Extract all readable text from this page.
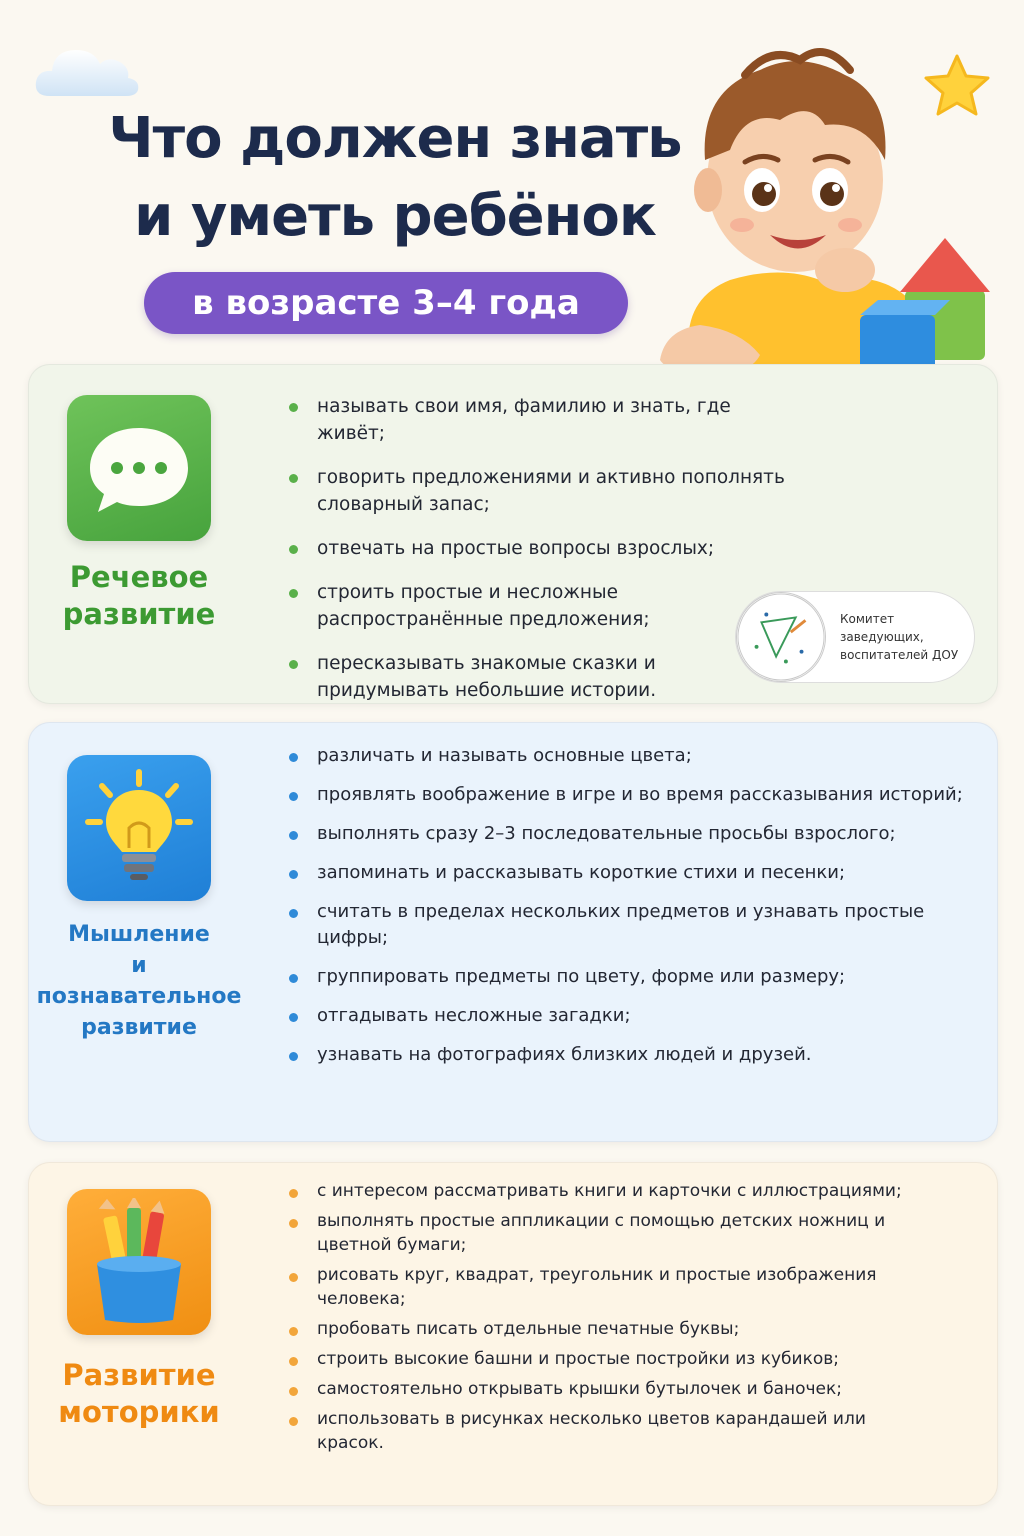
Что должен знать
и уметь ребёнок
в возрасте 3–4 года
Речевое
развитие
называть свои имя, фамилию и знать, где живёт;
говорить предложениями и активно пополнять словарный запас;
отвечать на простые вопросы взрослых;
строить простые и несложные распространённые предложения;
пересказывать знакомые сказки и придумывать небольшие истории.
Комитет
заведующих,
воспитателей ДОУ
Мышление
и познавательное
развитие
различать и называть основные цвета;
проявлять воображение в игре и во время рассказывания историй;
выполнять сразу 2–3 последовательные просьбы взрослого;
запоминать и рассказывать короткие стихи и песенки;
считать в пределах нескольких предметов и узнавать простые цифры;
группировать предметы по цвету, форме или размеру;
отгадывать несложные загадки;
узнавать на фотографиях близких людей и друзей.
Развитие
моторики
с интересом рассматривать книги и карточки с иллюстрациями;
выполнять простые аппликации с помощью детских ножниц и цветной бумаги;
рисовать круг, квадрат, треугольник и простые изображения человека;
пробовать писать отдельные печатные буквы;
строить высокие башни и простые постройки из кубиков;
самостоятельно открывать крышки бутылочек и баночек;
использовать в рисунках несколько цветов карандашей или красок.
